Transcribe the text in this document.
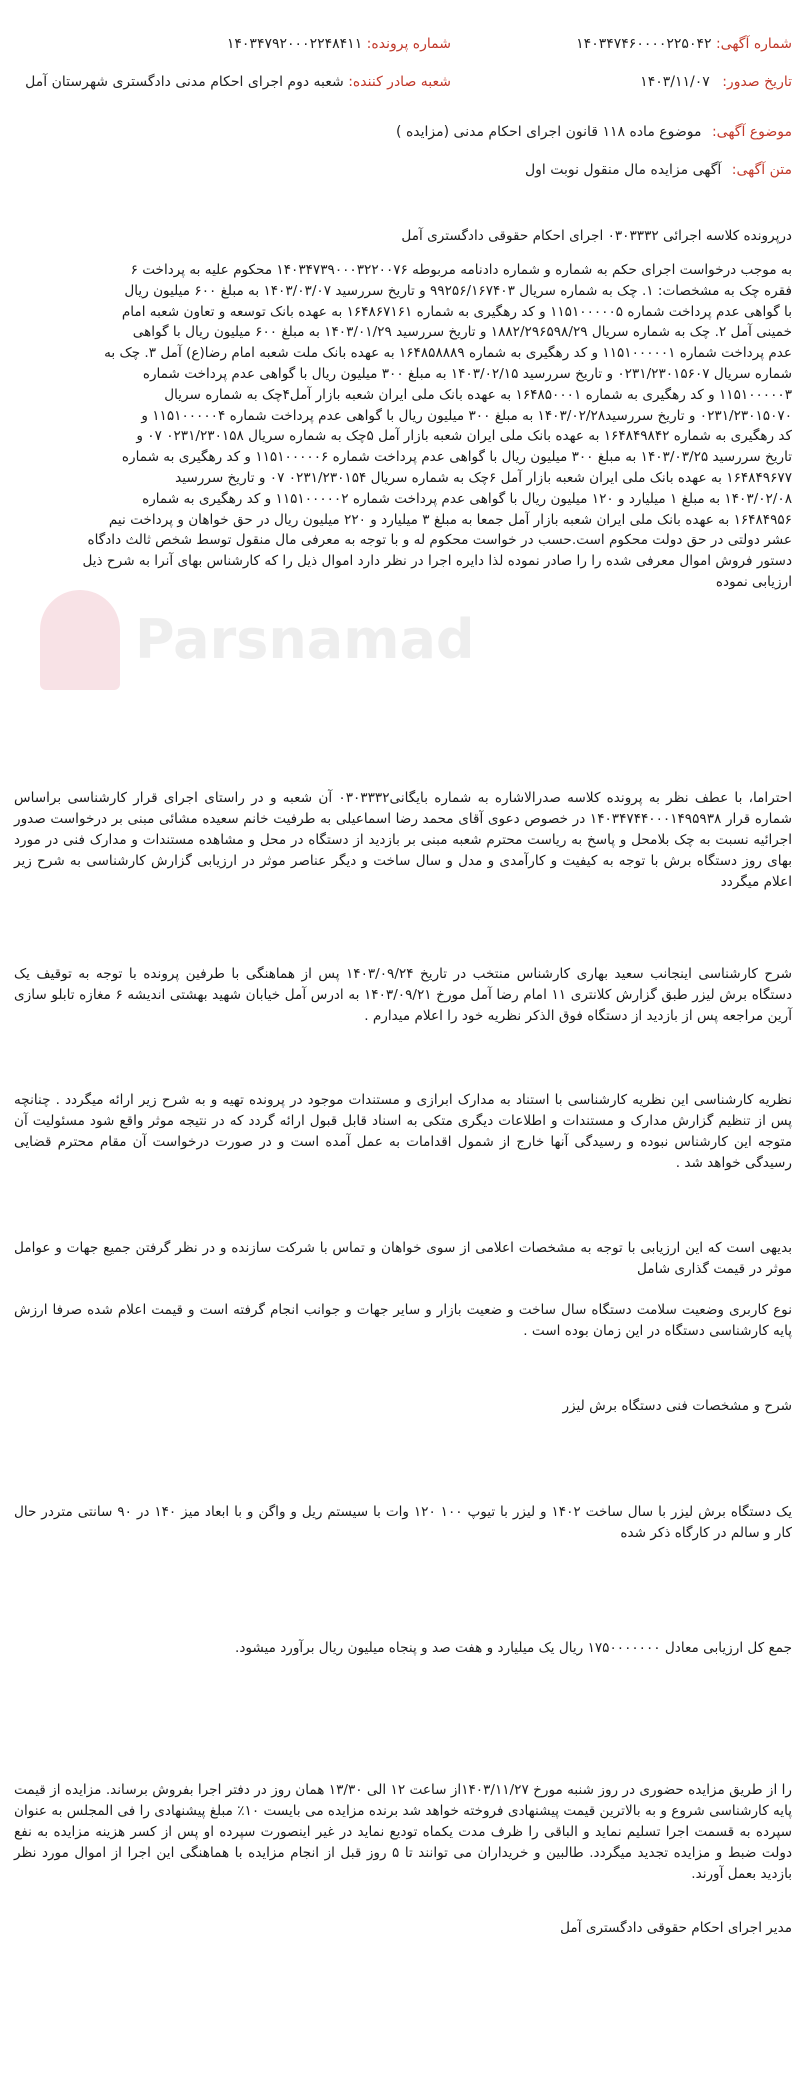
Parsnamad
شماره آگهی: ۱۴۰۳۴۷۴۶۰۰۰۰۲۲۵۰۴۲
تاریخ صدور: ۱۴۰۳/۱۱/۰۷
شماره پرونده: ۱۴۰۳۴۷۹۲۰۰۰۲۲۴۸۴۱۱
شعبه صادر کننده: شعبه دوم اجرای احکام مدنی دادگستری شهرستان آمل
موضوع آگهی: موضوع ماده ۱۱۸ قانون اجرای احکام مدنی (مزایده )
متن آگهی: آگهی مزایده مال منقول نوبت اول
درپرونده کلاسه اجرائی ۰۳۰۳۳۳۲ اجرای احکام حقوقی دادگستری آمل
به موجب درخواست اجرای حکم به شماره و شماره دادنامه مربوطه ۱۴۰۳۴۷۳۹۰۰۰۳۲۲۰۰۷۶ محکوم علیه به پرداخت ۶
فقره چک به مشخصات: ۱. چک به شماره سریال ۹۹۲۵۶/۱۶۷۴۰۳ و تاریخ سررسید ۱۴۰۳/۰۳/۰۷ به مبلغ ۶۰۰ میلیون ریال
با گواهی عدم پرداخت شماره ۱۱۵۱۰۰۰۰۰۵ و کد رهگیری به شماره ۱۶۴۸۶۷۱۶۱ به عهده بانک توسعه و تعاون شعبه امام
خمینی آمل ۲. چک به شماره سریال ۱۸۸۲/۲۹۶۵۹۸/۲۹ و تاریخ سررسید ۱۴۰۳/۰۱/۲۹ به مبلغ ۶۰۰ میلیون ریال با گواهی
عدم پرداخت شماره ۱۱۵۱۰۰۰۰۰۱ و کد رهگیری به شماره ۱۶۴۸۵۸۸۸۹ به عهده بانک ملت شعبه امام رضا(ع) آمل ۳. چک به
شماره سریال ۰۲۳۱/۲۳۰۱۵۶۰۷ و تاریخ سررسید ۱۴۰۳/۰۲/۱۵ به مبلغ ۳۰۰ میلیون ریال با گواهی عدم پرداخت شماره
۱۱۵۱۰۰۰۰۰۳ و کد رهگیری به شماره ۱۶۴۸۵۰۰۰۱ به عهده بانک ملی ایران شعبه بازار آمل۴چک به شماره سریال
۰۲۳۱/۲۳۰۱۵۰۷۰ و تاریخ سررسید۱۴۰۳/۰۲/۲۸ به مبلغ ۳۰۰ میلیون ریال با گواهی عدم پرداخت شماره ۱۱۵۱۰۰۰۰۰۴ و
کد رهگیری به شماره ۱۶۴۸۴۹۸۴۲ به عهده بانک ملی ایران شعبه بازار آمل ۵چک به شماره سریال ۰۲۳۱/۲۳۰۱۵۸ ۰۷ و
تاریخ سررسید ۱۴۰۳/۰۳/۲۵ به مبلغ ۳۰۰ میلیون ریال با گواهی عدم پرداخت شماره ۱۱۵۱۰۰۰۰۰۶ و کد رهگیری به شماره
۱۶۴۸۴۹۶۷۷ به عهده بانک ملی ایران شعبه بازار آمل ۶چک به شماره سریال ۰۲۳۱/۲۳۰۱۵۴ ۰۷ و تاریخ سررسید
۱۴۰۳/۰۲/۰۸ به مبلغ ۱ میلیارد و ۱۲۰ میلیون ریال با گواهی عدم پرداخت شماره ۱۱۵۱۰۰۰۰۰۲ و کد رهگیری به شماره
۱۶۴۸۴۹۵۶ به عهده بانک ملی ایران شعبه بازار آمل جمعا به مبلغ ۳ میلیارد و ۲۲۰ میلیون ریال در حق خواهان و پرداخت نیم
عشر دولتی در حق دولت محکوم است.حسب در خواست محکوم له و با توجه به معرفی مال منقول توسط شخص ثالث دادگاه
دستور فروش اموال معرفی شده را را صادر نموده لذا دایره اجرا در نظر دارد اموال ذیل را که کارشناس بهای آنرا به شرح ذیل
ارزیابی نموده
احتراما، با عطف نظر به پرونده کلاسه صدرالاشاره به شماره بایگانی۰۳۰۳۳۳۲ آن شعبه و در راستای اجرای قرار کارشناسی براساس شماره قرار ۱۴۰۳۴۷۴۴۰۰۰۱۴۹۵۹۳۸ در خصوص دعوی آقای محمد رضا اسماعیلی به طرفیت خانم سعیده مشائی مبنی بر درخواست صدور اجرائیه نسبت به چک بلامحل و پاسخ به ریاست محترم شعبه مبنی بر بازدید از دستگاه در محل و مشاهده مستندات و مدارک فنی در مورد بهای روز دستگاه برش با توجه به کیفیت و کارآمدی و مدل و سال ساخت و دیگر عناصر موثر در ارزیابی گزارش کارشناسی به شرح زیر اعلام میگردد
شرح کارشناسی اینجانب سعید بهاری کارشناس منتخب در تاریخ ۱۴۰۳/۰۹/۲۴ پس از هماهنگی با طرفین پرونده با توجه به توقیف یک دستگاه برش لیزر طبق گزارش کلانتری ۱۱ امام رضا آمل مورخ ۱۴۰۳/۰۹/۲۱ به ادرس آمل خیابان شهید بهشتی اندیشه ۶ مغازه تابلو سازی آرین مراجعه پس از بازدید از دستگاه فوق الذکر نظریه خود را اعلام میدارم .
نظریه کارشناسی این نظریه کارشناسی با استناد به مدارک ابرازی و مستندات موجود در پرونده تهیه و به شرح زیر ارائه میگردد . چنانچه پس از تنظیم گزارش مدارک و مستندات و اطلاعات دیگری متکی به اسناد قابل قبول ارائه گردد که در نتیجه موثر واقع شود مسئولیت آن متوجه این کارشناس نبوده و رسیدگی آنها خارج از شمول اقدامات به عمل آمده است و در صورت درخواست آن مقام محترم قضایی رسیدگی خواهد شد .
بدیهی است که این ارزیابی با توجه به مشخصات اعلامی از سوی خواهان و تماس با شرکت سازنده و در نظر گرفتن جمیع جهات و عوامل موثر در قیمت گذاری شامل
نوع کاربری وضعیت سلامت دستگاه سال ساخت و ضعیت بازار و سایر جهات و جوانب انجام گرفته است و قیمت اعلام شده صرفا ارزش پایه کارشناسی دستگاه در این زمان بوده است .
شرح و مشخصات فنی دستگاه برش لیزر
یک دستگاه برش لیزر با سال ساخت ۱۴۰۲ و لیزر با تیوپ ۱۰۰ ۱۲۰ وات با سیستم ریل و واگن و با ابعاد میز ۱۴۰ در ۹۰ سانتی متردر حال کار و سالم در کارگاه ذکر شده
جمع کل ارزیابی معادل ۱۷۵۰۰۰۰۰۰۰ ریال یک میلیارد و هفت صد و پنجاه میلیون ریال برآورد میشود.
را از طریق مزایده حضوری در روز شنبه مورخ ۱۴۰۳/۱۱/۲۷از ساعت ۱۲ الی ۱۳/۳۰ همان روز در دفتر اجرا بفروش برساند. مزایده از قیمت پایه کارشناسی شروع و به بالاترین قیمت پیشنهادی فروخته خواهد شد برنده مزایده می بایست ۱۰٪ مبلغ پیشنهادی را فی المجلس به عنوان سپرده به قسمت اجرا تسلیم نماید و الباقی را ظرف مدت یکماه تودیع نماید در غیر اینصورت سپرده او پس از کسر هزینه مزایده به نفع دولت ضبط و مزایده تجدید میگردد. طالبین و خریداران می توانند تا ۵ روز قبل از انجام مزایده با هماهنگی این اجرا از اموال مورد نظر بازدید بعمل آورند.
مدیر اجرای احکام حقوقی دادگستری آمل
